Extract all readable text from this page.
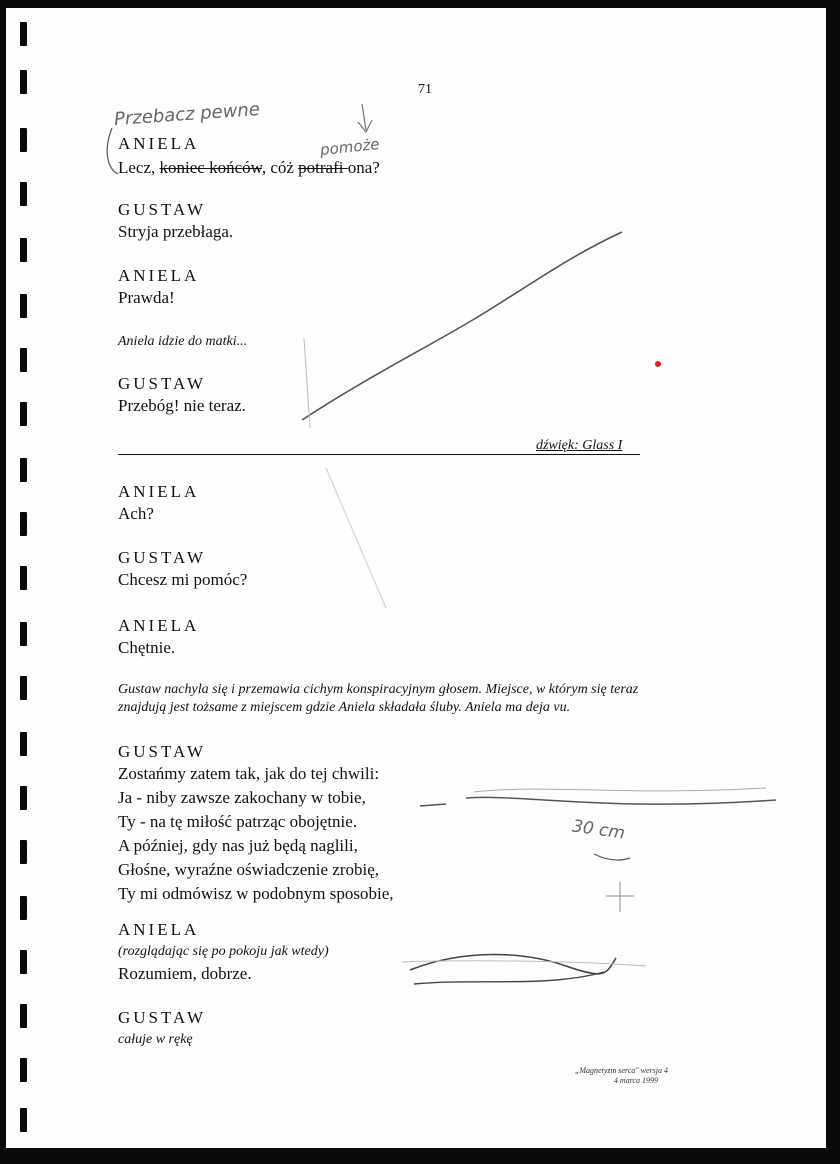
71
Przebacz pewne
pomoże
30 cm
ANIELA
Lecz, koniec końców, cóż potrafi ona?
GUSTAW
Stryja przebłaga.
ANIELA
Prawda!
Aniela idzie do matki...
GUSTAW
Przebóg! nie teraz.
dźwięk: Glass I
ANIELA
Ach?
GUSTAW
Chcesz mi pomóc?
ANIELA
Chętnie.
Gustaw nachyla się i przemawia cichym konspiracyjnym głosem. Miejsce, w którym się teraz
znajdują jest tożsame z miejscem gdzie Aniela składała śluby. Aniela ma deja vu.
GUSTAW
Zostańmy zatem tak, jak do tej chwili:
Ja - niby zawsze zakochany w tobie,
Ty - na tę miłość patrząc obojętnie.
A później, gdy nas już będą naglili,
Głośne, wyraźne oświadczenie zrobię,
Ty mi odmówisz w podobnym sposobie,
ANIELA
(rozglądając się po pokoju jak wtedy)
Rozumiem, dobrze.
GUSTAW
całuje w rękę
„Magnetyzm serca" wersja 4
4 marca 1999
